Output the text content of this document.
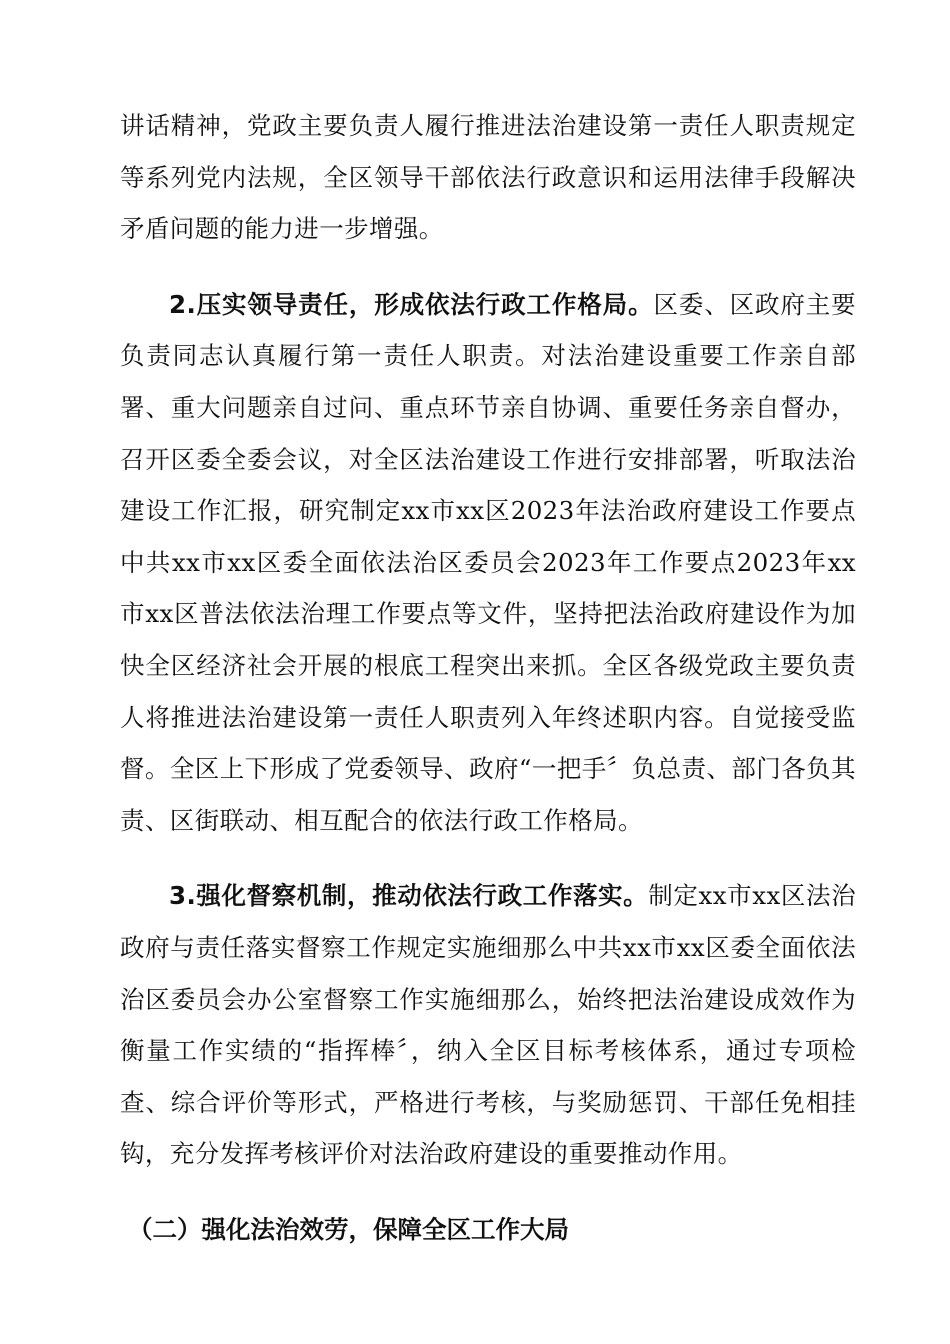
讲话精神，党政主要负责人履行推进法治建设第一责任人职责规定等系列党内法规，全区领导干部依法行政意识和运用法律手段解决矛盾问题的能力进一步增强。

2.压实领导责任，形成依法行政工作格局。区委、区政府主要负责同志认真履行第一责任人职责。对法治建设重要工作亲自部署、重大问题亲自过问、重点环节亲自协调、重要任务亲自督办，召开区委全委会议，对全区法治建设工作进行安排部署，听取法治建设工作汇报，研究制定xx市xx区2023年法治政府建设工作要点中共xx市xx区委全面依法治区委员会2023年工作要点2023年xx市xx区普法依法治理工作要点等文件，坚持把法治政府建设作为加快全区经济社会开展的根底工程突出来抓。全区各级党政主要负责人将推进法治建设第一责任人职责列入年终述职内容。自觉接受监督。全区上下形成了党委领导、政府“一把手〞负总责、部门各负其责、区街联动、相互配合的依法行政工作格局。

3.强化督察机制，推动依法行政工作落实。制定xx市xx区法治政府与责任落实督察工作规定实施细那么中共xx市xx区委全面依法治区委员会办公室督察工作实施细那么，始终把法治建设成效作为衡量工作实绩的“指挥棒〞，纳入全区目标考核体系，通过专项检查、综合评价等形式，严格进行考核，与奖励惩罚、干部任免相挂钩，充分发挥考核评价对法治政府建设的重要推动作用。

（二）强化法治效劳，保障全区工作大局
